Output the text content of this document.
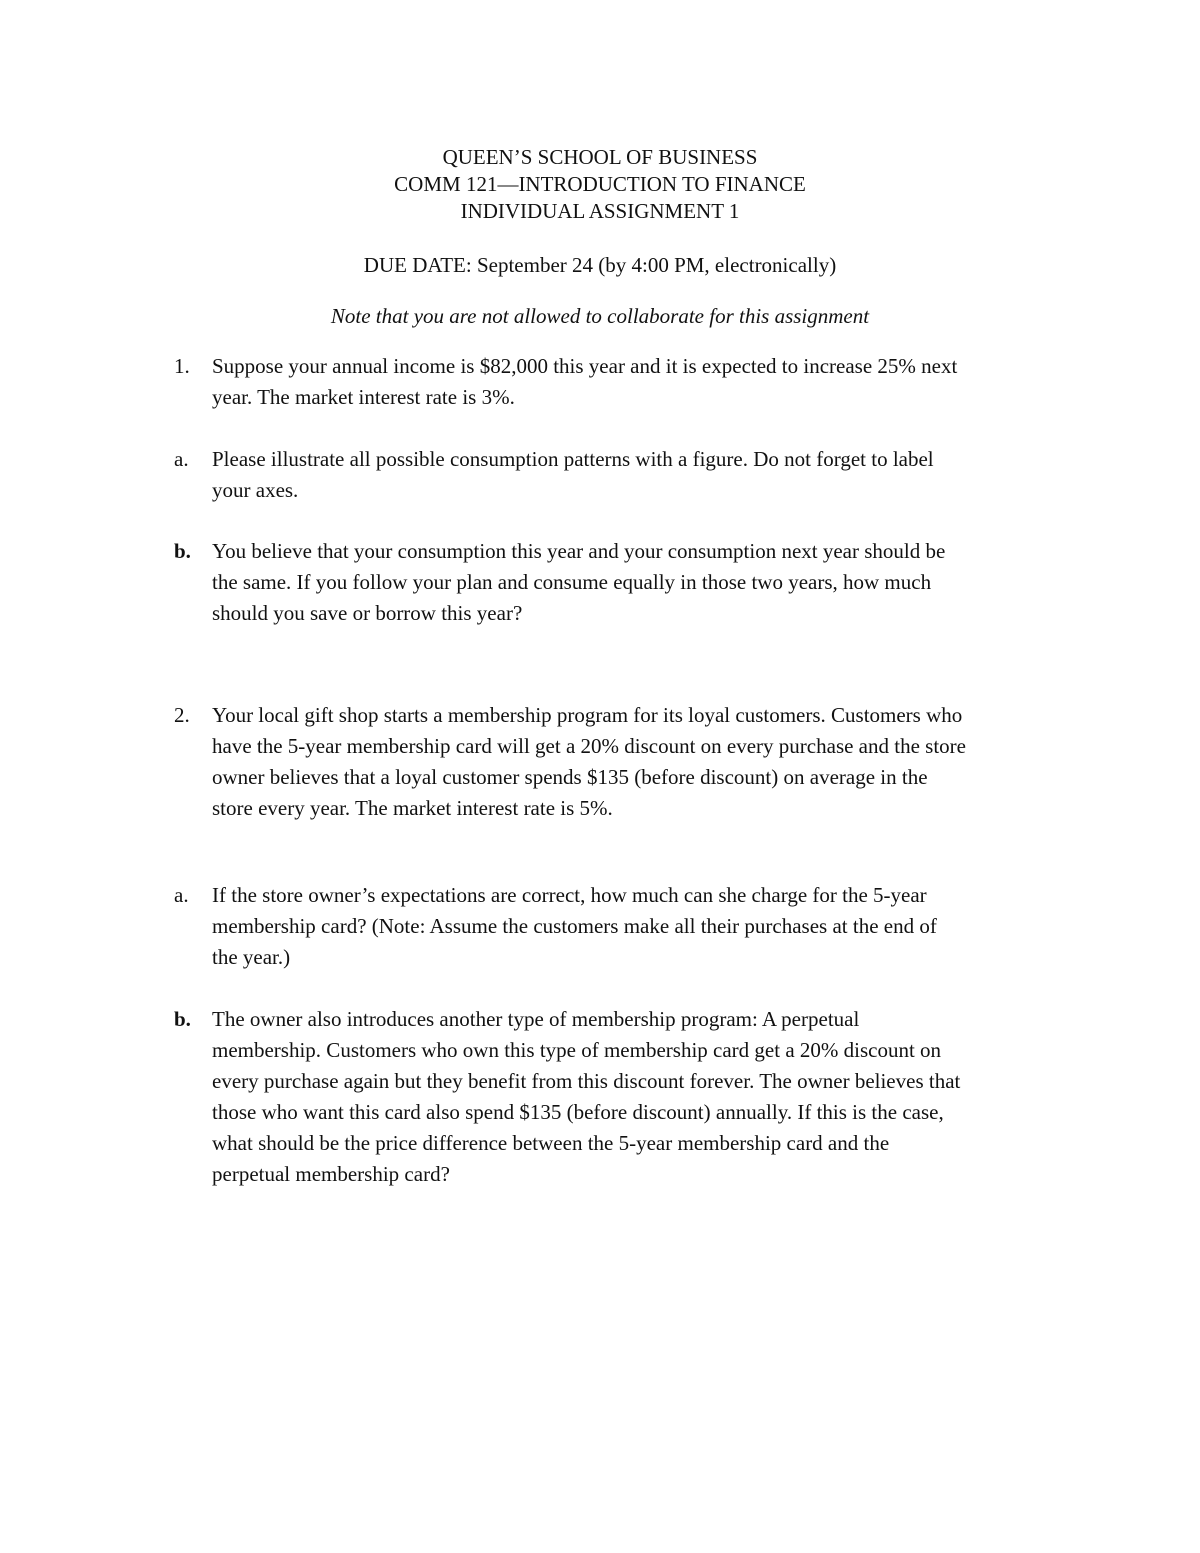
QUEEN’S SCHOOL OF BUSINESS
COMM 121—INTRODUCTION TO FINANCE
INDIVIDUAL ASSIGNMENT 1
DUE DATE: September 24 (by 4:00 PM, electronically)
Note that you are not allowed to collaborate for this assignment
1.	Suppose your annual income is $82,000 this year and it is expected to increase 25% next
year. The market interest rate is 3%.
a.	Please illustrate all possible consumption patterns with a figure. Do not forget to label
your axes.
b.	You believe that your consumption this year and your consumption next year should be
the same. If you follow your plan and consume equally in those two years, how much
should you save or borrow this year?
2.	Your local gift shop starts a membership program for its loyal customers. Customers who
have the 5-year membership card will get a 20% discount on every purchase and the store
owner believes that a loyal customer spends $135 (before discount) on average in the
store every year. The market interest rate is 5%.
a.	If the store owner’s expectations are correct, how much can she charge for the 5-year
membership card? (Note: Assume the customers make all their purchases at the end of
the year.)
b.	The owner also introduces another type of membership program: A perpetual
membership. Customers who own this type of membership card get a 20% discount on
every purchase again but they benefit from this discount forever. The owner believes that
those who want this card also spend $135 (before discount) annually. If this is the case,
what should be the price difference between the 5-year membership card and the
perpetual membership card?
